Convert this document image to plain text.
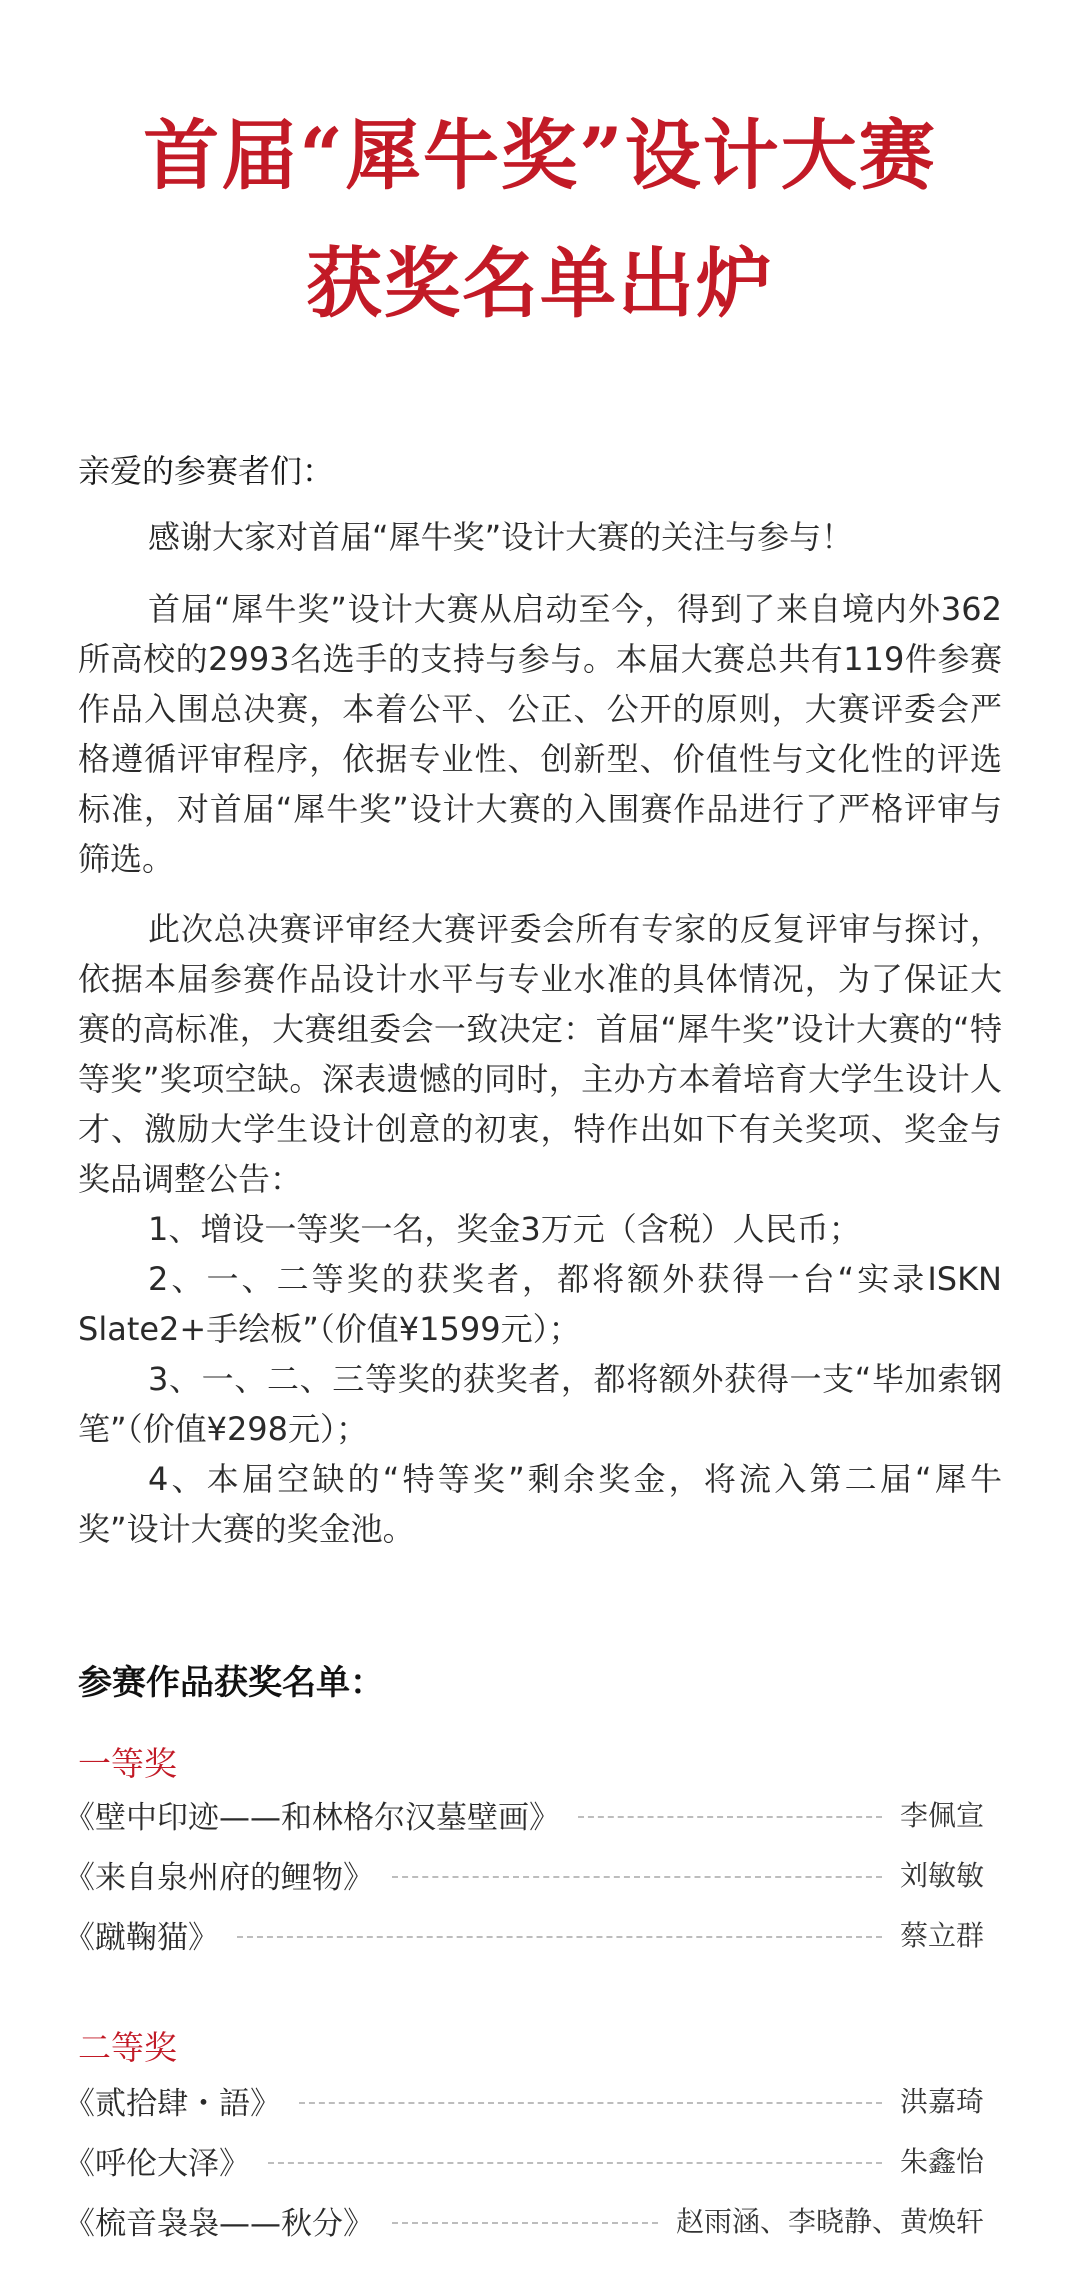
首届“犀牛奖”设计大赛
获奖名单出炉
亲爱的参赛者们：

感谢大家对首届“犀牛奖”设计大赛的关注与参与！

首届“犀牛奖”设计大赛从启动至今，得到了来自境内外362所高校的2993名选手的支持与参与。本届大赛总共有119件参赛作品入围总决赛，本着公平、公正、公开的原则，大赛评委会严格遵循评审程序，依据专业性、创新型、价值性与文化性的评选标准，对首届“犀牛奖”设计大赛的入围赛作品进行了严格评审与筛选。

此次总决赛评审经大赛评委会所有专家的反复评审与探讨，依据本届参赛作品设计水平与专业水准的具体情况，为了保证大赛的高标准，大赛组委会一致决定：首届“犀牛奖”设计大赛的“特等奖”奖项空缺。深表遗憾的同时，主办方本着培育大学生设计人才、激励大学生设计创意的初衷，特作出如下有关奖项、奖金与奖品调整公告：
1、增设一等奖一名，奖金3万元（含税）人民币；
2、一、二等奖的获奖者，都将额外获得一台“实录ISKN Slate2+手绘板”（价值¥1599元）；
3、一、二、三等奖的获奖者，都将额外获得一支“毕加索钢笔”（价值¥298元）；
4、本届空缺的“特等奖”剩余奖金，将流入第二届“犀牛奖”设计大赛的奖金池。
参赛作品获奖名单：
一等奖
《壁中印迹——和林格尔汉墓壁画》	李佩宣
《来自泉州府的鲤物》	刘敏敏
《蹴鞠猫》	蔡立群
二等奖
《贰拾肆・語》	洪嘉琦
《呼伦大泽》	朱鑫怡
《梳音袅袅——秋分》	赵雨涵、李晓静、黄焕轩
